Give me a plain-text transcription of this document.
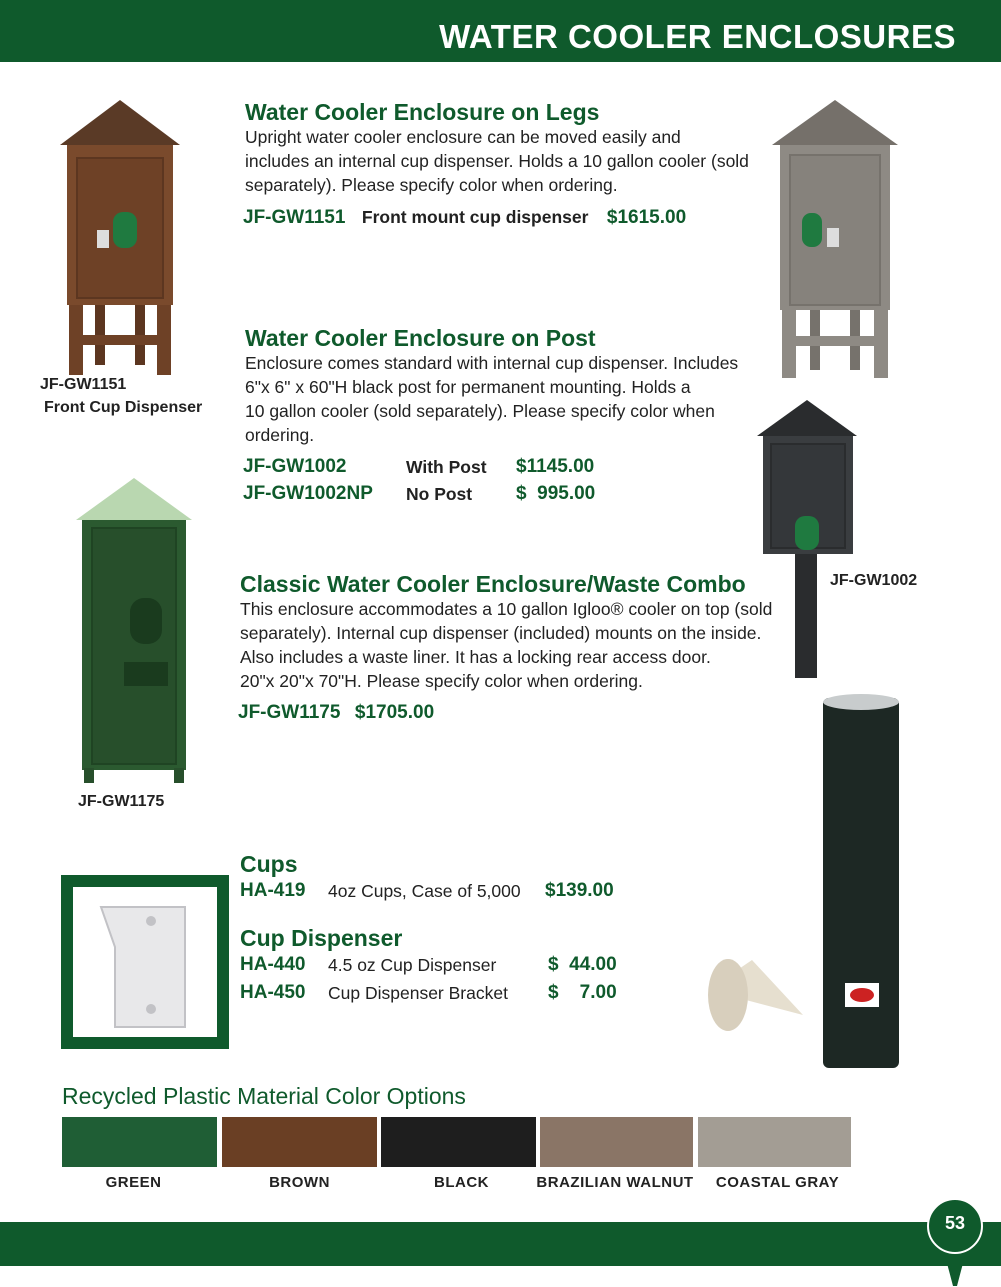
WATER COOLER ENCLOSURES
JF-GW1151
Front Cup Dispenser
Water Cooler Enclosure on Legs
Upright water cooler enclosure can be moved easily and
includes an internal cup dispenser. Holds a 10 gallon cooler (sold
separately). Please specify color when ordering.
JF-GW1151 Front mount cup dispenser $1615.00
Water Cooler Enclosure on Post
Enclosure comes standard with internal cup dispenser. Includes
6"x 6" x 60"H black post for permanent mounting. Holds a
10 gallon cooler (sold separately). Please specify color when
ordering.
JF-GW1002	With Post $1145.00
JF-GW1002NP No Post $  995.00
JF-GW1002
JF-GW1175
Classic Water Cooler Enclosure/Waste Combo
This enclosure accommodates a 10 gallon Igloo® cooler on top (sold
separately). Internal cup dispenser (included) mounts on the inside.
Also includes a waste liner. It has a locking rear access door.
20"x 20"x 70"H. Please specify color when ordering.
JF-GW1175 $1705.00
Cups
HA-419 4oz Cups, Case of 5,000 $139.00
Cup Dispenser
HA-440 4.5 oz Cup Dispenser	$  44.00
HA-450 Cup Dispenser Bracket $    7.00
Recycled Plastic Material Color Options
GREEN	BROWN	BLACK	BRAZILIAN WALNUT	COASTAL GRAY
53
